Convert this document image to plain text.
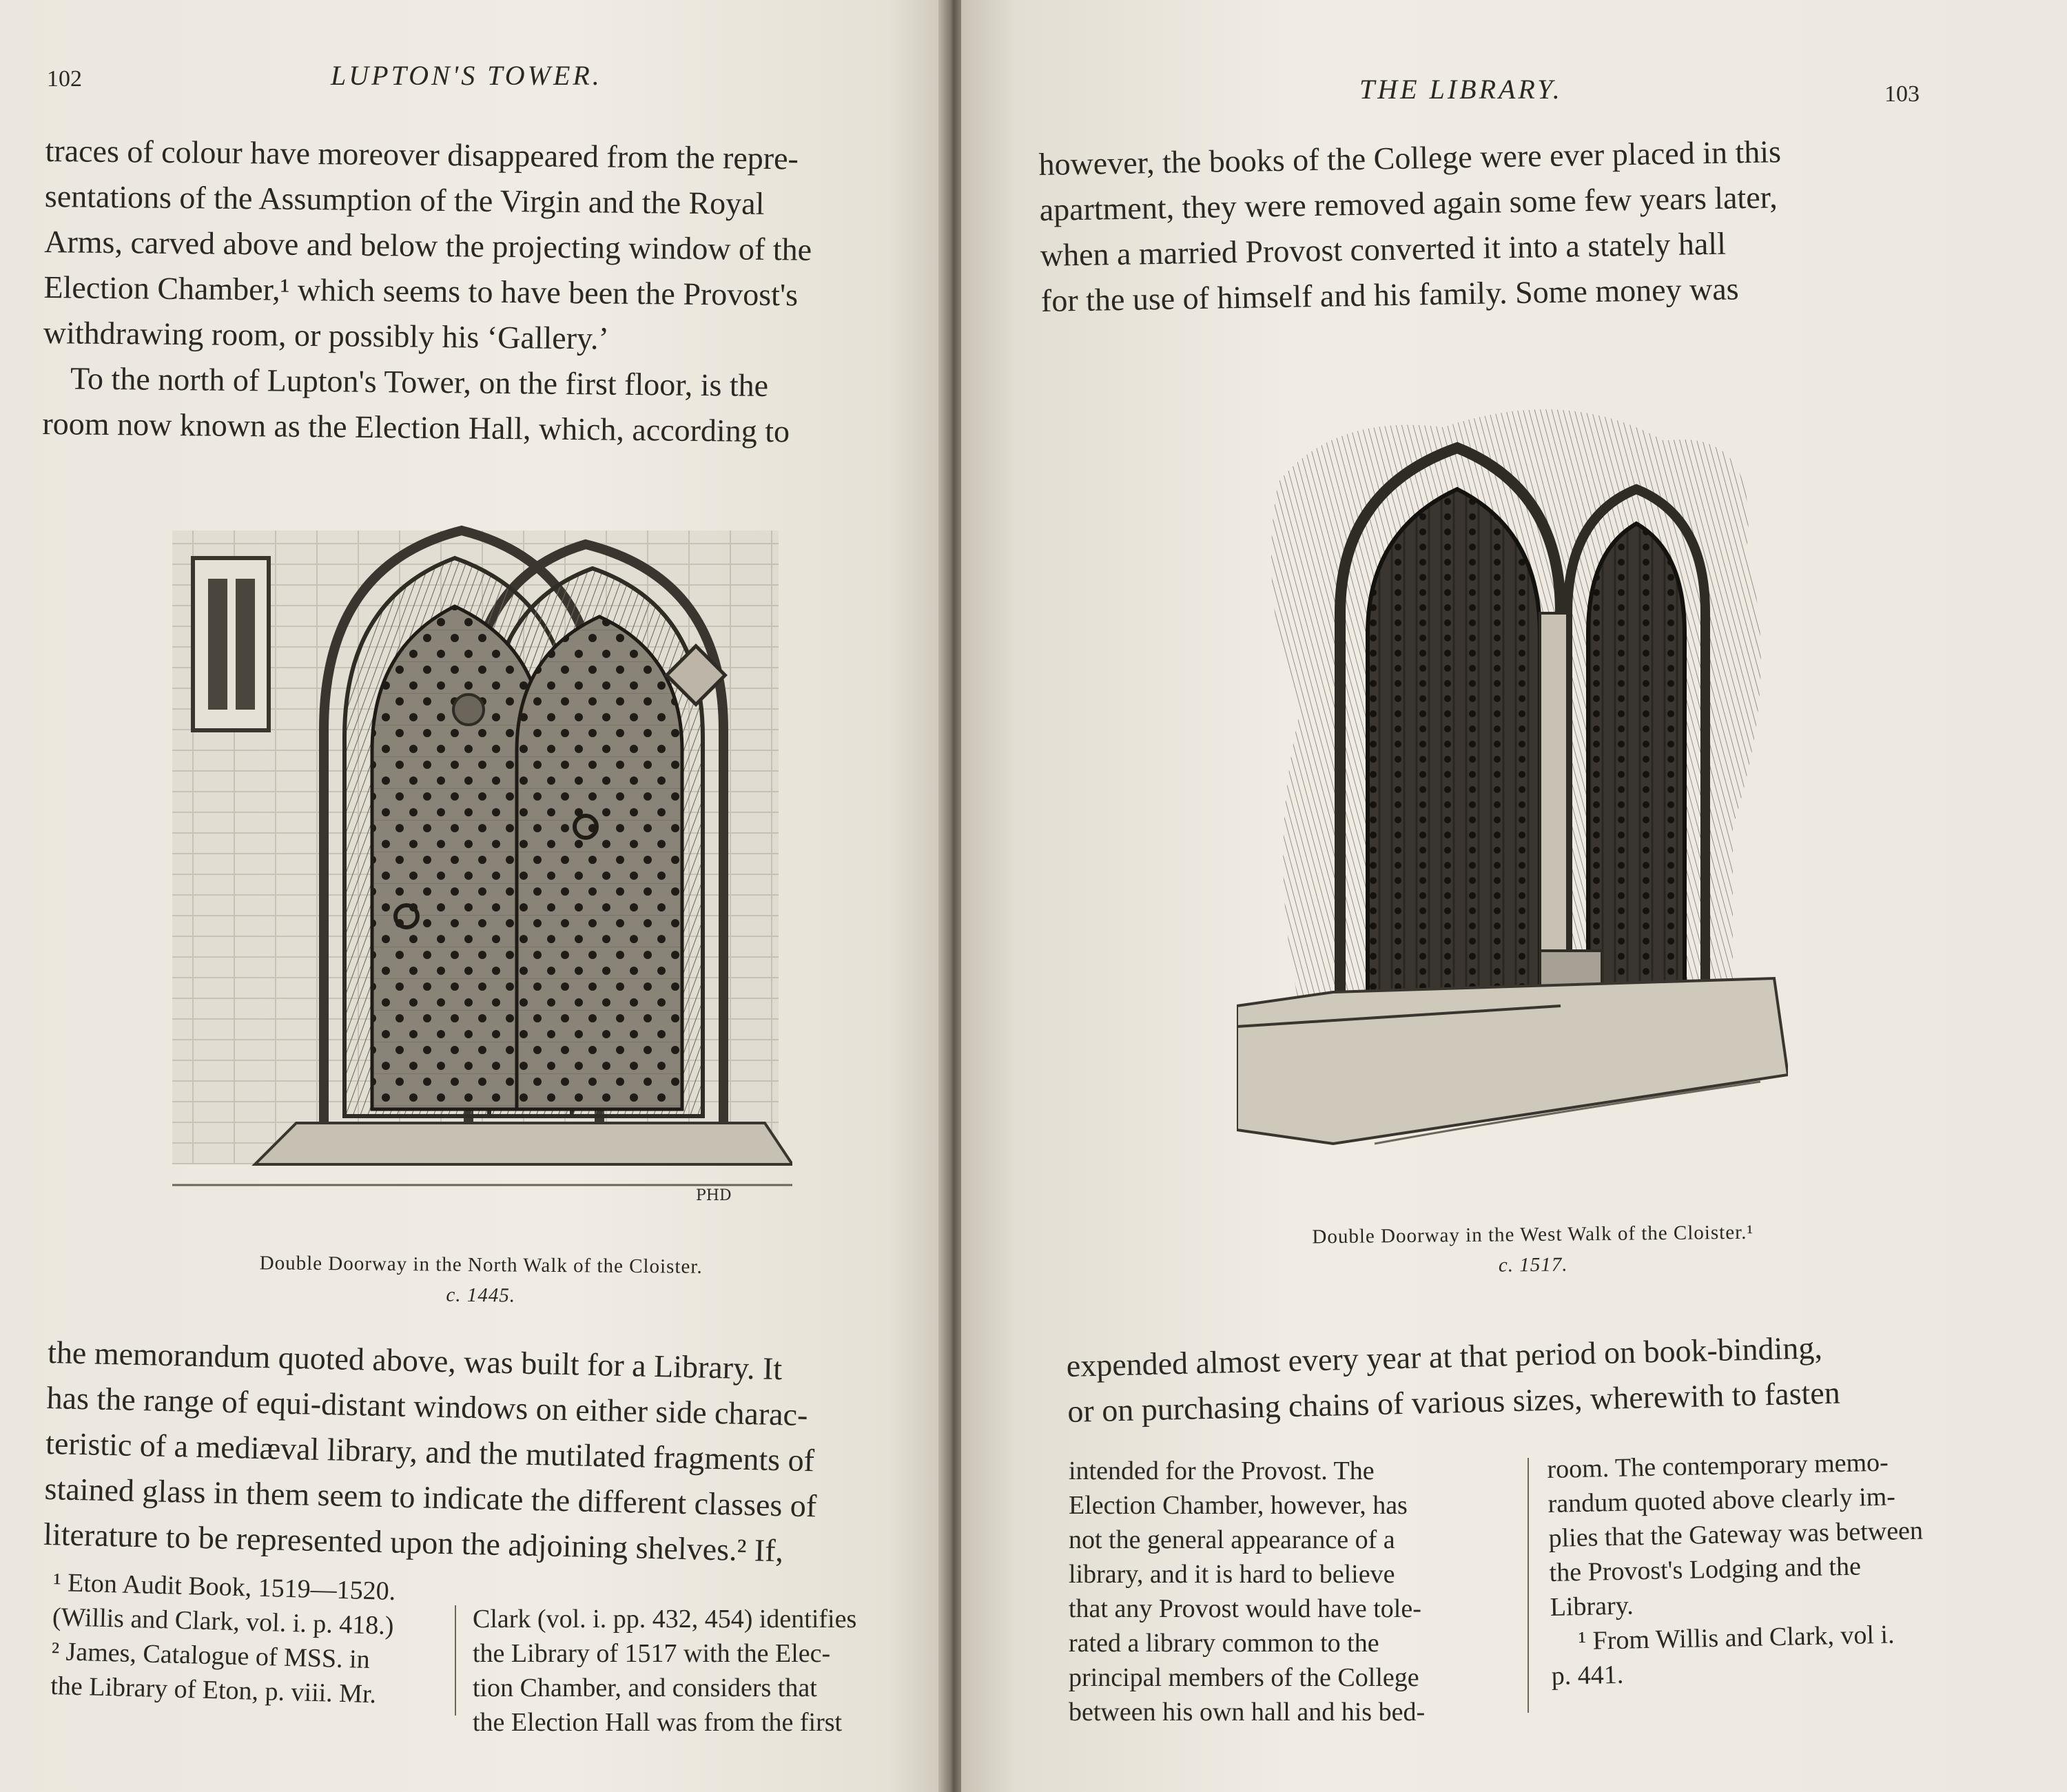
102	LUPTON'S TOWER.
traces of colour have moreover disappeared from the repre-
sentations of the Assumption of the Virgin and the Royal
Arms, carved above and below the projecting window of the
Election Chamber,¹ which seems to have been the Provost's
withdrawing room, or possibly his ‘Gallery.’
To the north of Lupton's Tower, on the first floor, is the
room now known as the Election Hall, which, according to
PHD
Double Doorway in the North Walk of the Cloister.
c. 1445.
the memorandum quoted above, was built for a Library. It
has the range of equi-distant windows on either side charac-
teristic of a mediæval library, and the mutilated fragments of
stained glass in them seem to indicate the different classes of
literature to be represented upon the adjoining shelves.² If,
¹ Eton Audit Book, 1519—1520.
(Willis and Clark, vol. i. p. 418.)
² James, Catalogue of MSS. in
the Library of Eton, p. viii. Mr.
Clark (vol. i. pp. 432, 454) identifies
the Library of 1517 with the Elec-
tion Chamber, and considers that
the Election Hall was from the first
THE LIBRARY.	103
however, the books of the College were ever placed in this
apartment, they were removed again some few years later,
when a married Provost converted it into a stately hall
for the use of himself and his family. Some money was
Double Doorway in the West Walk of the Cloister.¹
c. 1517.
expended almost every year at that period on book-binding,
or on purchasing chains of various sizes, wherewith to fasten
intended for the Provost. The
Election Chamber, however, has
not the general appearance of a
library, and it is hard to believe
that any Provost would have tole-
rated a library common to the
principal members of the College
between his own hall and his bed-
room. The contemporary memo-
randum quoted above clearly im-
plies that the Gateway was between
the Provost's Lodging and the
Library.
¹ From Willis and Clark, vol i.
p. 441.
